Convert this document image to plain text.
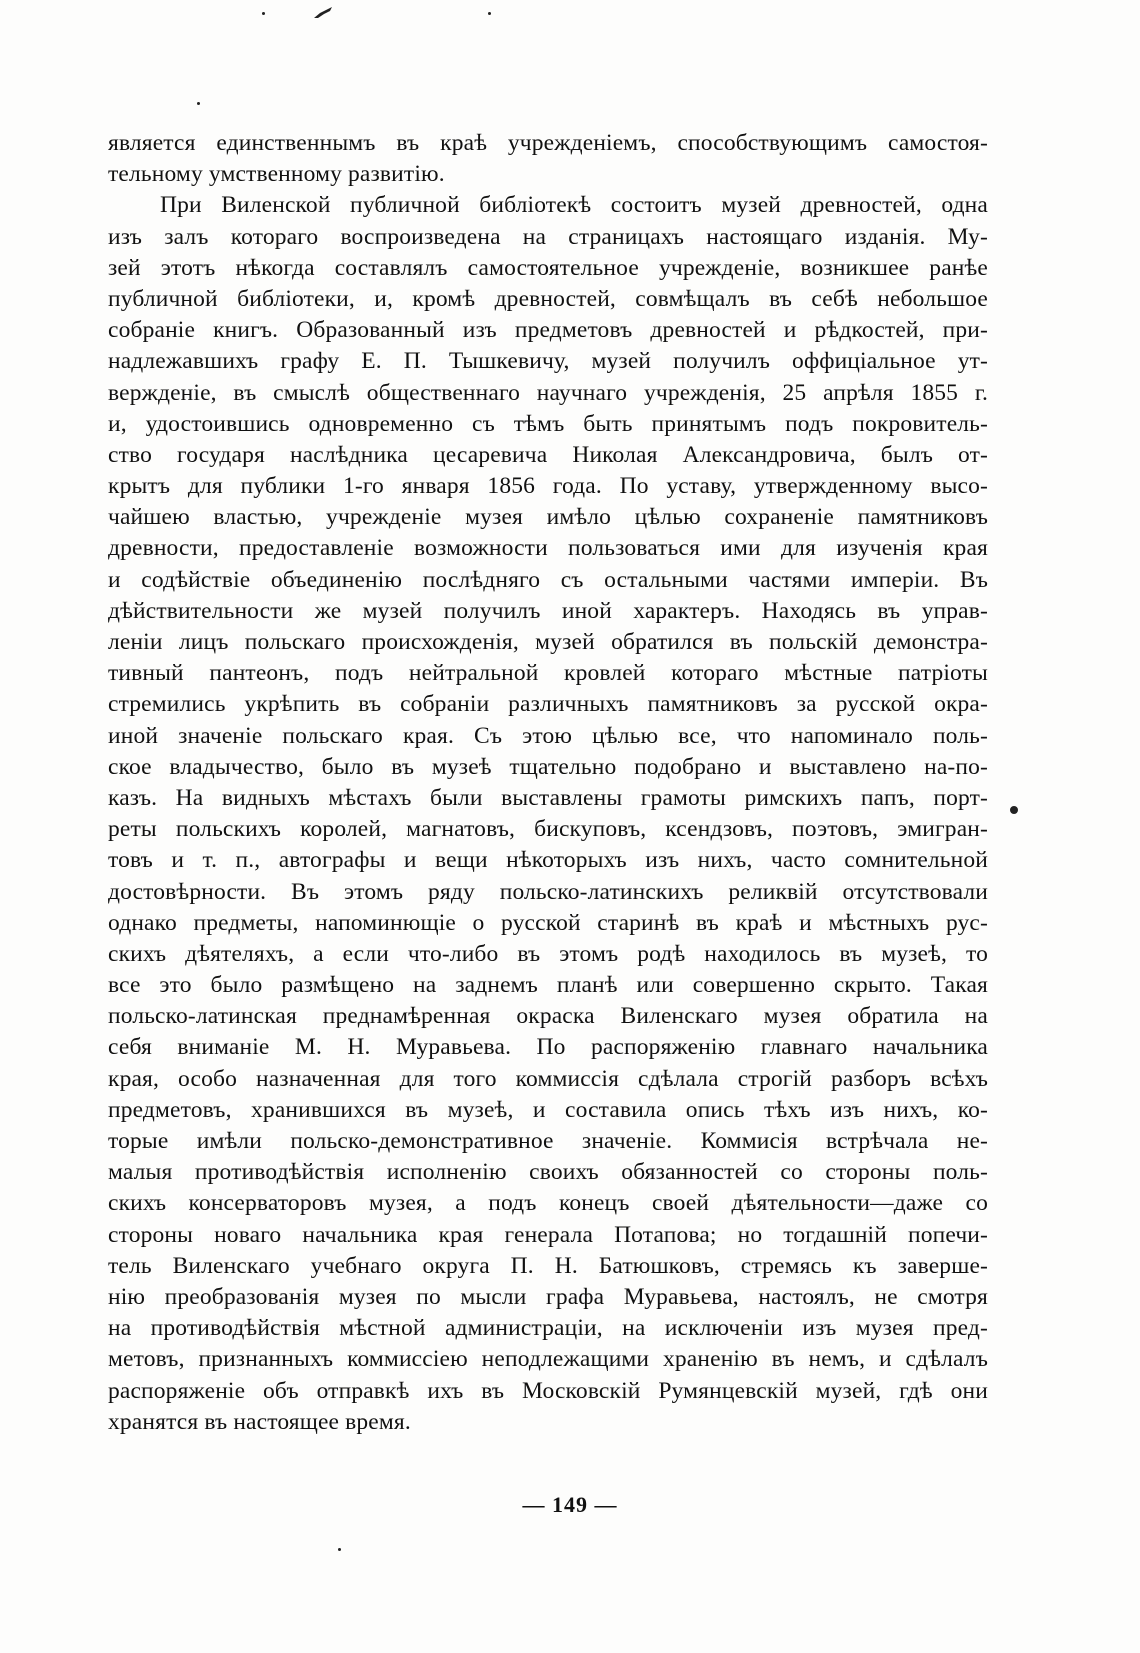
является единственнымъ въ краѣ учрежденіемъ, способствующимъ самостоя-
тельному умственному развитію.
При Виленской публичной библіотекѣ состоитъ музей древностей, одна
изъ залъ котораго воспроизведена на страницахъ настоящаго изданія. Му-
зей этотъ нѣкогда составлялъ самостоятельное учрежденіе, возникшее ранѣе
публичной библіотеки, и, кромѣ древностей, совмѣщалъ въ себѣ небольшое
собраніе книгъ. Образованный изъ предметовъ древностей и рѣдкостей, при-
надлежавшихъ графу Е. П. Тышкевичу, музей получилъ оффиціальное ут-
вержденіе, въ смыслѣ общественнаго научнаго учрежденія, 25 апрѣля 1855 г.
и, удостоившись одновременно съ тѣмъ быть принятымъ подъ покровитель-
ство государя наслѣдника цесаревича Николая Александровича, былъ от-
крытъ для публики 1-го января 1856 года. По уставу, утвержденному высо-
чайшею властью, учрежденіе музея имѣло цѣлью сохраненіе памятниковъ
древности, предоставленіе возможности пользоваться ими для изученія края
и содѣйствіе объединенію послѣдняго съ остальными частями имперіи. Въ
дѣйствительности же музей получилъ иной характеръ. Находясь въ управ-
леніи лицъ польскаго происхожденія, музей обратился въ польскій демонстра-
тивный пантеонъ, подъ нейтральной кровлей котораго мѣстные патріоты
стремились укрѣпить въ собраніи различныхъ памятниковъ за русской окра-
иной значеніе польскаго края. Съ этою цѣлью все, что напоминало поль-
ское владычество, было въ музеѣ тщательно подобрано и выставлено на-по-
казъ. На видныхъ мѣстахъ были выставлены грамоты римскихъ папъ, порт-
реты польскихъ королей, магнатовъ, бискуповъ, ксендзовъ, поэтовъ, эмигран-
товъ и т. п., автографы и вещи нѣкоторыхъ изъ нихъ, часто сомнительной
достовѣрности. Въ этомъ ряду польско-латинскихъ реликвій отсутствовали
однако предметы, напоминющіе о русской старинѣ въ краѣ и мѣстныхъ рус-
скихъ дѣятеляхъ, а если что-либо въ этомъ родѣ находилось въ музеѣ, то
все это было размѣщено на заднемъ планѣ или совершенно скрыто. Такая
польско-латинская преднамѣренная окраска Виленскаго музея обратила на
себя вниманіе М. Н. Муравьева. По распоряженію главнаго начальника
края, особо назначенная для того коммиссія сдѣлала строгій разборъ всѣхъ
предметовъ, хранившихся въ музеѣ, и составила опись тѣхъ изъ нихъ, ко-
торые имѣли польско-демонстративное значеніе. Коммисія встрѣчала не-
малыя противодѣйствія исполненію своихъ обязанностей со стороны поль-
скихъ консерваторовъ музея, а подъ конецъ своей дѣятельности—даже со
стороны новаго начальника края генерала Потапова; но тогдашній попечи-
тель Виленскаго учебнаго округа П. Н. Батюшковъ, стремясь къ заверше-
нію преобразованія музея по мысли графа Муравьева, настоялъ, не смотря
на противодѣйствія мѣстной администраціи, на исключеніи изъ музея пред-
метовъ, признанныхъ коммиссіею неподлежащими храненію въ немъ, и сдѣлалъ
распоряженіе объ отправкѣ ихъ въ Московскій Румянцевскій музей, гдѣ они
хранятся въ настоящее время.
— 149 —
